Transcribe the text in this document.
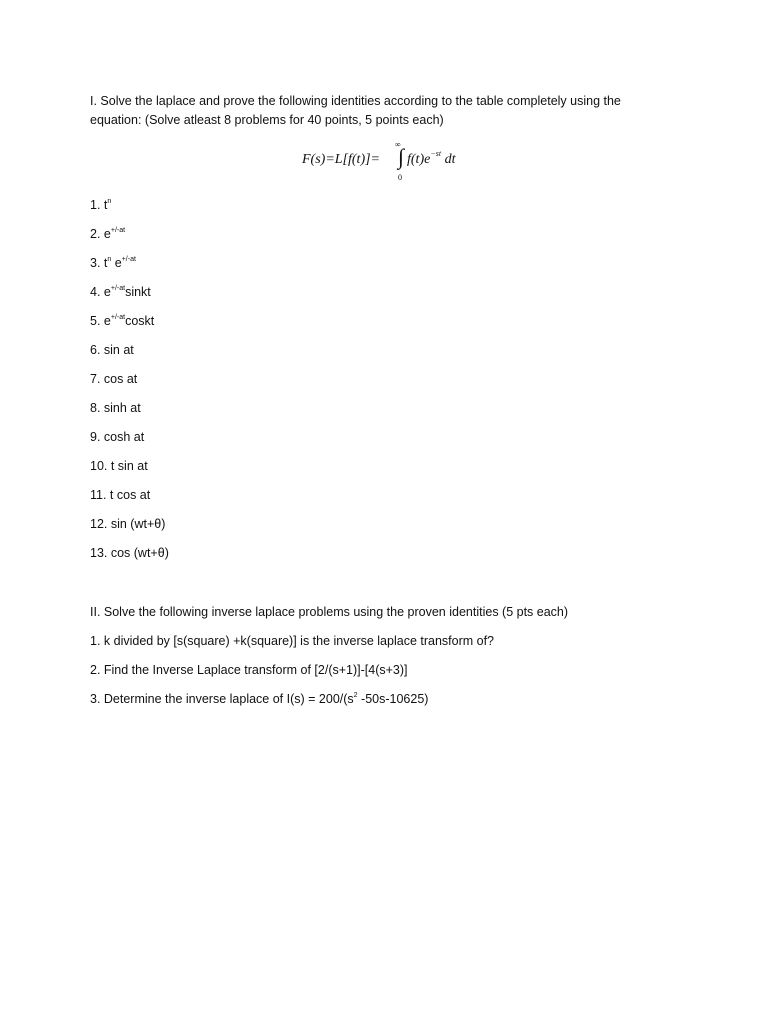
I. Solve the laplace and prove the following identities according to the table completely using the equation: (Solve atleast 8 problems for 40 points, 5 points each)
F(s)=L[f(t)]=
∞
∫
0
$f(t)e^{-st}$ dt
1. $t^n$
2. $e^{+/-at}$
3. $t^n$ $e^{+/-at}$
4. $e^{+/-at}sinkt$
5. $e^{+/-at}coskt$
6. sin at
7. cos at
8. sinh at
9. cosh at
10. t sin at
11. t cos at
12. sin (wt+θ)
13. cos (wt+θ)
II. Solve the following inverse laplace problems using the proven identities (5 pts each)
1. k divided by [s(square) +k(square)] is the inverse laplace transform of?
2. Find the Inverse Laplace transform of [2/(s+1)]-[4(s+3)]
3. Determine the inverse laplace of $I(s) = 200/(s^2$ -50s-10625)
